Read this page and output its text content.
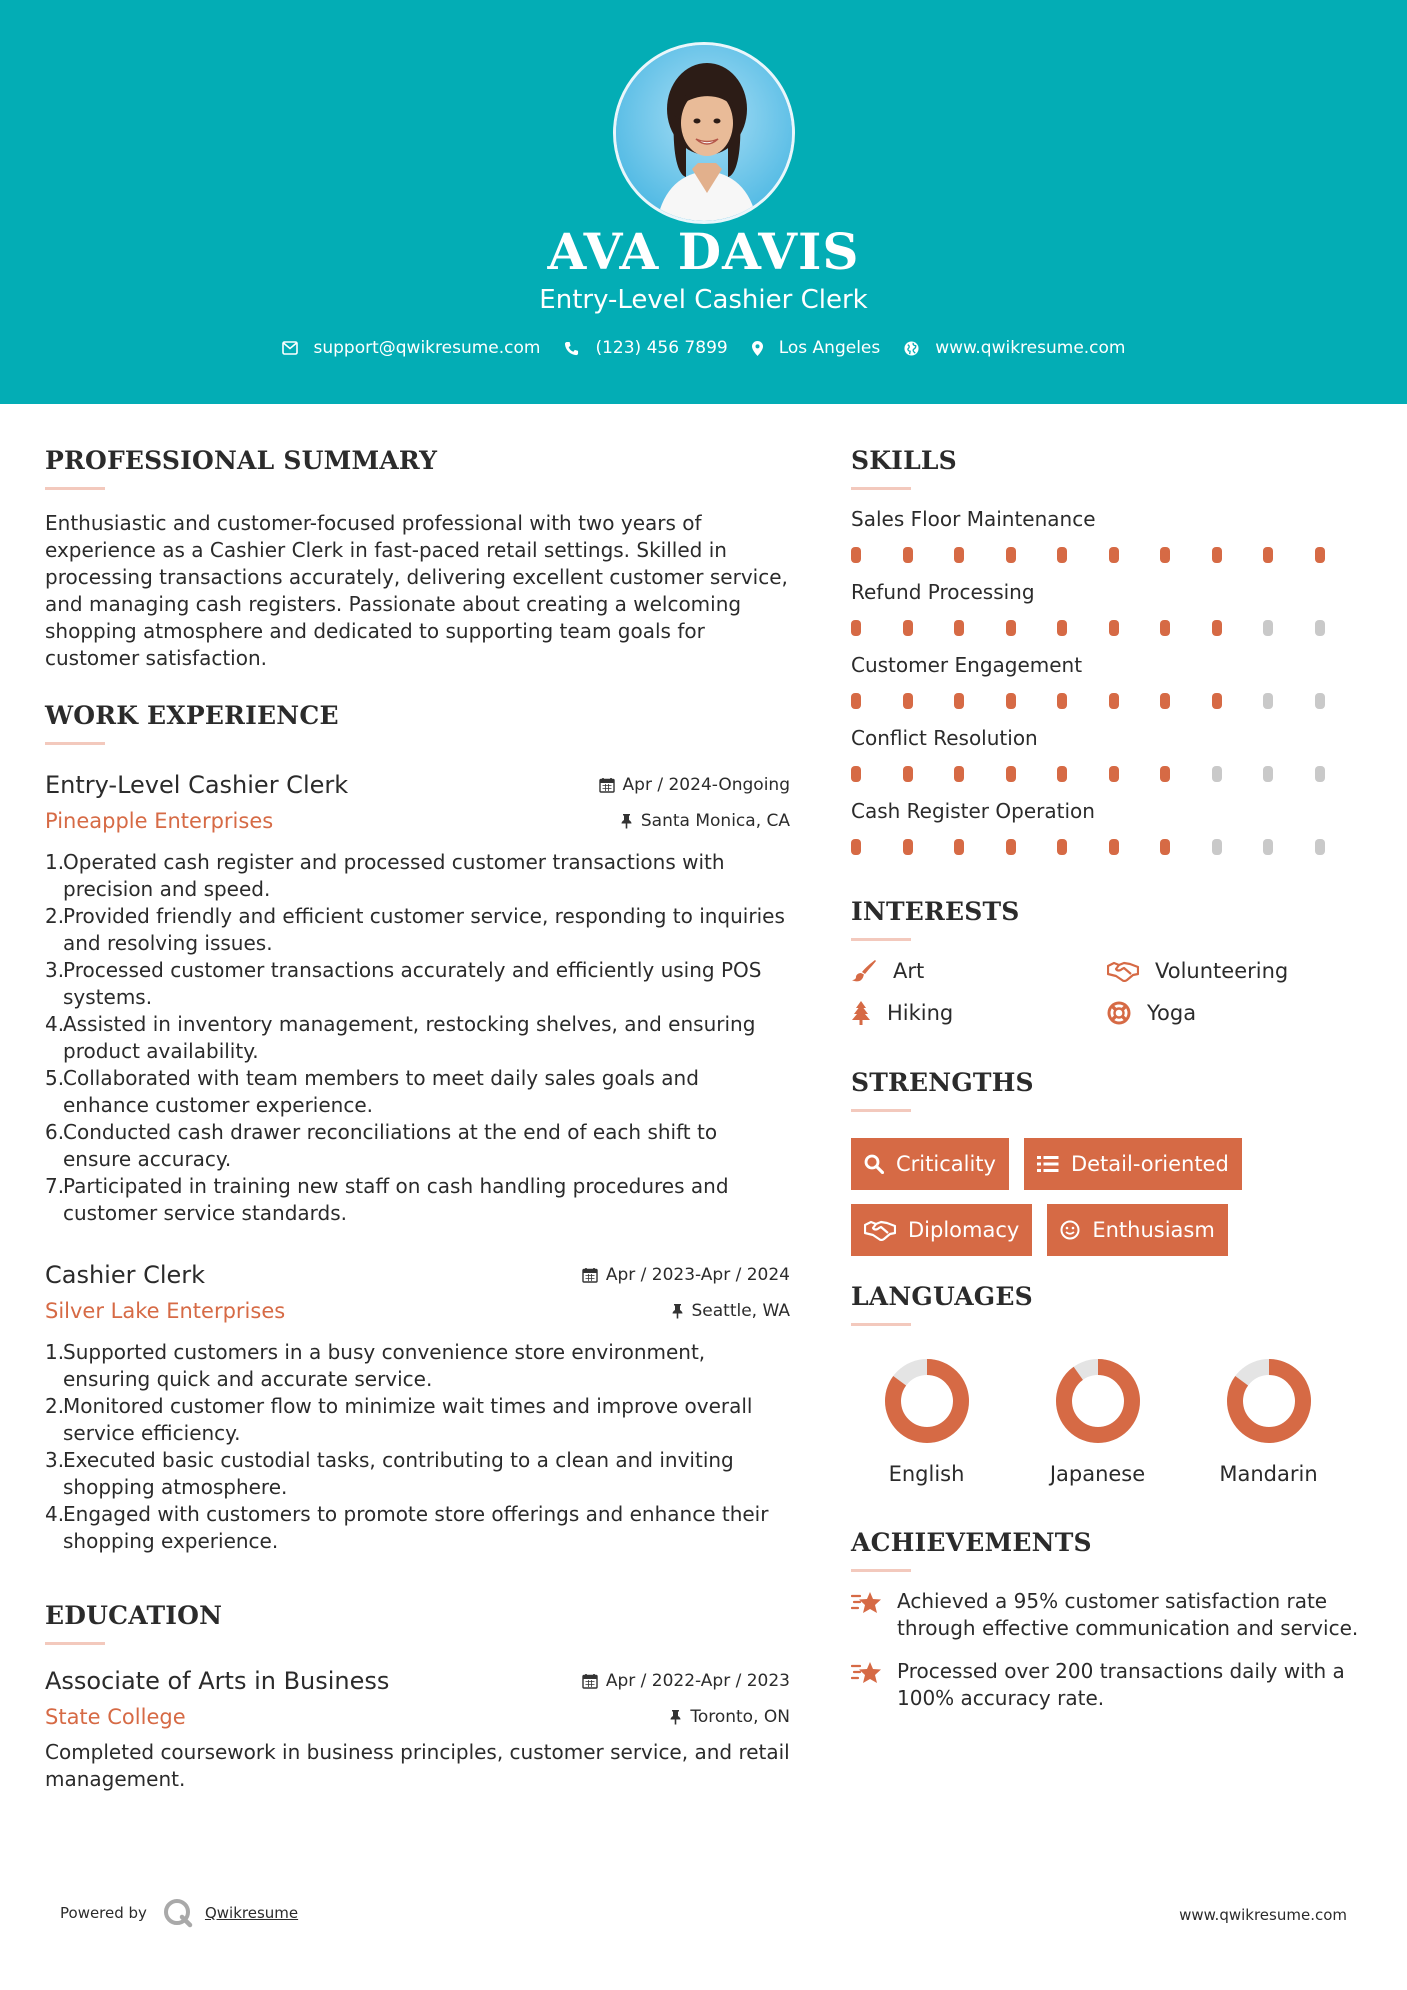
AVA DAVIS
Entry-Level Cashier Clerk
support@qwikresume.com	(123) 456 7899	Los Angeles	www.qwikresume.com
PROFESSIONAL SUMMARY

Enthusiastic and customer-focused professional with two years of experience as a Cashier Clerk in fast-paced retail settings. Skilled in processing transactions accurately, delivering excellent customer service, and managing cash registers. Passionate about creating a welcoming shopping atmosphere and dedicated to supporting team goals for customer satisfaction.

WORK EXPERIENCE
Entry-Level Cashier Clerk	Apr / 2024-Ongoing
Pineapple Enterprises	Santa Monica, CA
1.
Operated cash register and processed customer transactions with precision and speed.
2.
Provided friendly and efficient customer service, responding to inquiries and resolving issues.
3.
Processed customer transactions accurately and efficiently using POS systems.
4.
Assisted in inventory management, restocking shelves, and ensuring product availability.
5.
Collaborated with team members to meet daily sales goals and enhance customer experience.
6.
Conducted cash drawer reconciliations at the end of each shift to ensure accuracy.
7.
Participated in training new staff on cash handling procedures and customer service standards.
Cashier Clerk	Apr / 2023-Apr / 2024
Silver Lake Enterprises	Seattle, WA
1.
Supported customers in a busy convenience store environment, ensuring quick and accurate service.
2.
Monitored customer flow to minimize wait times and improve overall service efficiency.
3.
Executed basic custodial tasks, contributing to a clean and inviting shopping atmosphere.
4.
Engaged with customers to promote store offerings and enhance their shopping experience.
EDUCATION
Associate of Arts in Business	Apr / 2022-Apr / 2023
State College	Toronto, ON

Completed coursework in business principles, customer service, and retail management.

SKILLS
Sales Floor Maintenance
Refund Processing
Customer Engagement
Conflict Resolution
Cash Register Operation
INTERESTS
Art	Volunteering
Hiking	Yoga
STRENGTHS
Criticality	Detail-oriented
Diplomacy	Enthusiasm
LANGUAGES
English	Japanese	Mandarin
ACHIEVEMENTS
Achieved a 95% customer satisfaction rate through effective communication and service.
Processed over 200 transactions daily with a 100% accuracy rate.
Powered by	Qwikresume	www.qwikresume.com
